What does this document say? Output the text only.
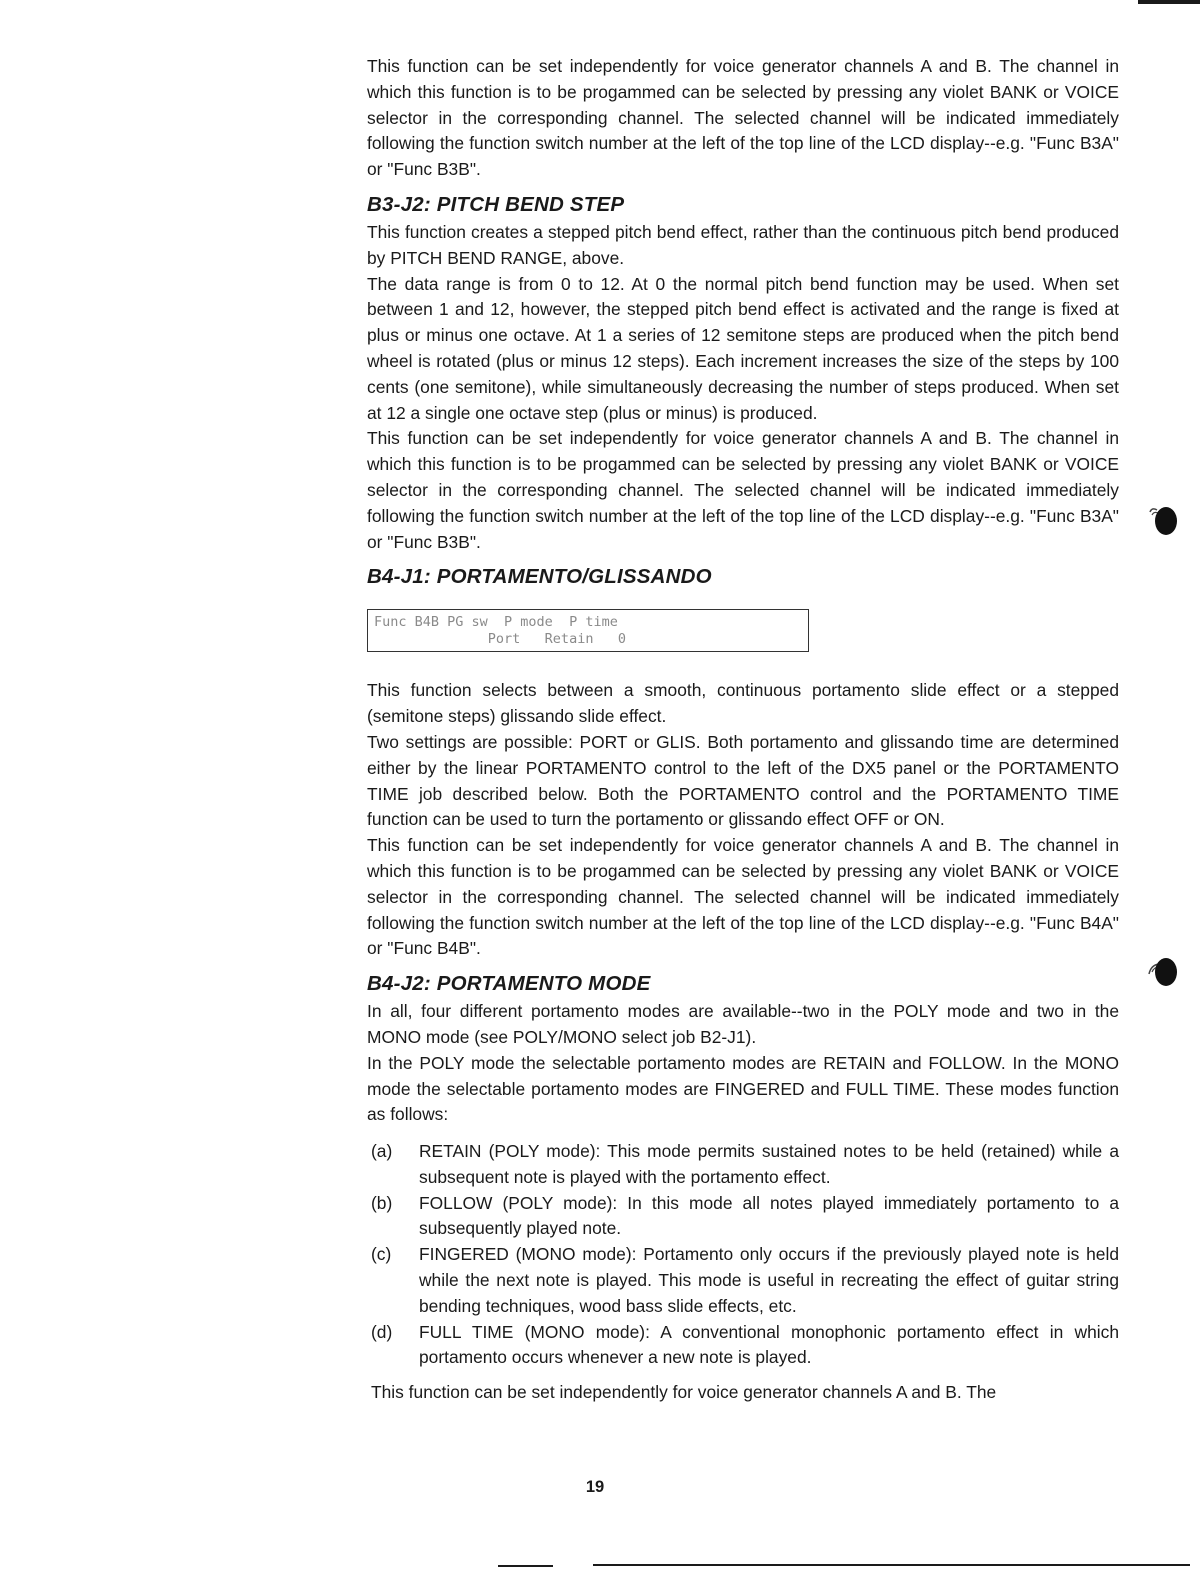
This function can be set independently for voice generator channels A and B. The channel in which this function is to be progammed can be selected by pressing any violet BANK or VOICE selector in the corresponding channel. The selected channel will be indicated immediately following the function switch number at the left of the top line of the LCD display--e.g. "Func B3A" or "Func B3B".

B3-J2: PITCH BEND STEP

This function creates a stepped pitch bend effect, rather than the continuous pitch bend produced by PITCH BEND RANGE, above.

The data range is from 0 to 12. At 0 the normal pitch bend function may be used. When set between 1 and 12, however, the stepped pitch bend effect is activated and the range is fixed at plus or minus one octave. At 1 a series of 12 semitone steps are produced when the pitch bend wheel is rotated (plus or minus 12 steps). Each increment increases the size of the steps by 100 cents (one semitone), while simultaneously decreasing the number of steps produced. When set at 12 a single one octave step (plus or minus) is produced.

This function can be set independently for voice generator channels A and B. The channel in which this function is to be progammed can be selected by pressing any violet BANK or VOICE selector in the corresponding channel. The selected channel will be indicated immediately following the function switch number at the left of the top line of the LCD display--e.g. "Func B3A" or "Func B3B".

B4-J1: PORTAMENTO/GLISSANDO
Func B4B PG sw  P mode  P time
Port   Retain   0

This function selects between a smooth, continuous portamento slide effect or a stepped (semitone steps) glissando slide effect.

Two settings are possible: PORT or GLIS. Both portamento and glissando time are determined either by the linear PORTAMENTO control to the left of the DX5 panel or the PORTAMENTO TIME job described below. Both the PORTAMENTO control and the PORTAMENTO TIME function can be used to turn the portamento or glissando effect OFF or ON.

This function can be set independently for voice generator channels A and B. The channel in which this function is to be progammed can be selected by pressing any violet BANK or VOICE selector in the corresponding channel. The selected channel will be indicated immediately following the function switch number at the left of the top line of the LCD display--e.g. "Func B4A" or "Func B4B".

B4-J2: PORTAMENTO MODE

In all, four different portamento modes are available--two in the POLY mode and two in the MONO mode (see POLY/MONO select job B2-J1).

In the POLY mode the selectable portamento modes are RETAIN and FOLLOW. In the MONO mode the selectable portamento modes are FINGERED and FULL TIME. These modes function as follows:

(a)	RETAIN (POLY mode): This mode permits sustained notes to be held (retained) while a subsequent note is played with the portamento effect.
(b)	FOLLOW (POLY mode): In this mode all notes played immediately portamento to a subsequently played note.
(c)	FINGERED (MONO mode): Portamento only occurs if the previously played note is held while the next note is played. This mode is useful in recreating the effect of guitar string bending techniques, wood bass slide effects, etc.
(d)	FULL TIME (MONO mode): A conventional monophonic portamento effect in which portamento occurs whenever a new note is played.

This function can be set independently for voice generator channels A and B. The

19
